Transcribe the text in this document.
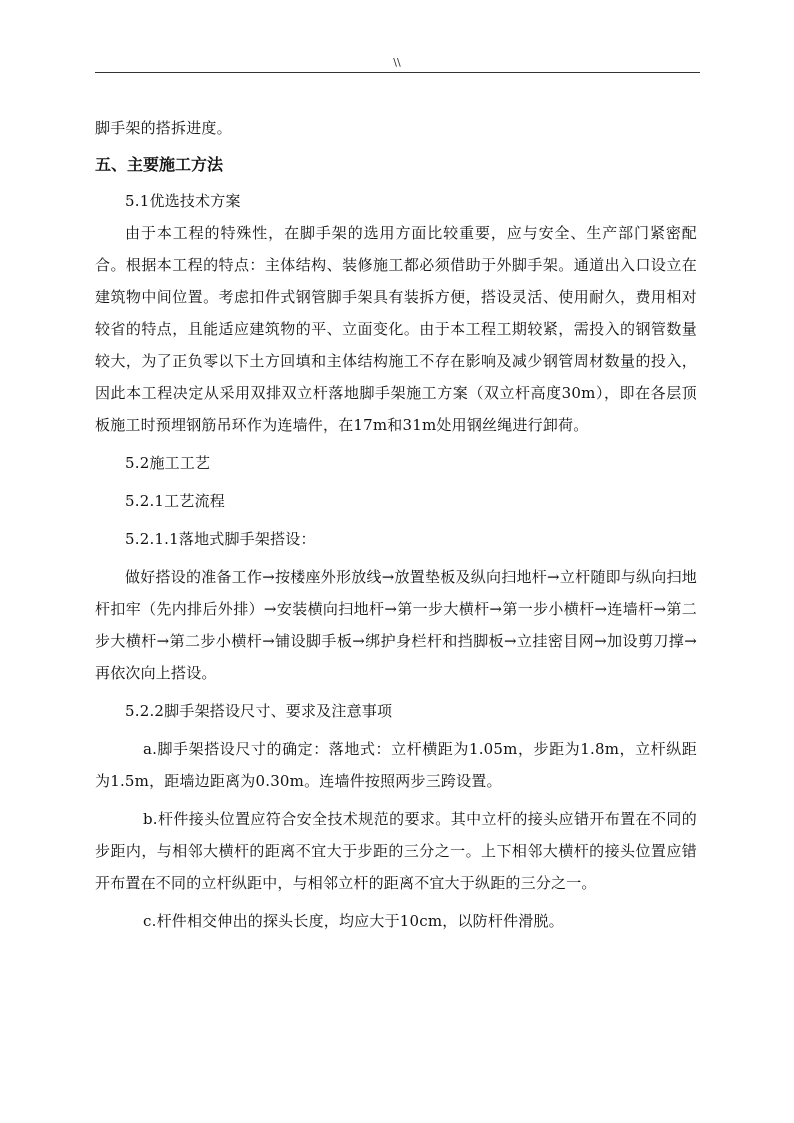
\\

脚手架的搭拆进度。

五、主要施工方法

5.1优选技术方案

由于本工程的特殊性，在脚手架的选用方面比较重要，应与安全、生产部门紧密配合。根据本工程的特点：主体结构、装修施工都必须借助于外脚手架。通道出入口设立在建筑物中间位置。考虑扣件式钢管脚手架具有装拆方便，搭设灵活、使用耐久，费用相对较省的特点，且能适应建筑物的平、立面变化。由于本工程工期较紧，需投入的钢管数量较大，为了正负零以下土方回填和主体结构施工不存在影响及减少钢管周材数量的投入，因此本工程决定从采用双排双立杆落地脚手架施工方案（双立杆高度30m），即在各层顶板施工时预埋钢筋吊环作为连墙件，在17m和31m处用钢丝绳进行卸荷。

5.2施工工艺

5.2.1工艺流程

5.2.1.1落地式脚手架搭设：

做好搭设的准备工作→按楼座外形放线→放置垫板及纵向扫地杆→立杆随即与纵向扫地杆扣牢（先内排后外排）→安装横向扫地杆→第一步大横杆→第一步小横杆→连墙杆→第二步大横杆→第二步小横杆→铺设脚手板→绑护身栏杆和挡脚板→立挂密目网→加设剪刀撑→再依次向上搭设。

5.2.2脚手架搭设尺寸、要求及注意事项

a.脚手架搭设尺寸的确定：落地式：立杆横距为1.05m，步距为1.8m，立杆纵距为1.5m，距墙边距离为0.30m。连墙件按照两步三跨设置。

b.杆件接头位置应符合安全技术规范的要求。其中立杆的接头应错开布置在不同的步距内，与相邻大横杆的距离不宜大于步距的三分之一。上下相邻大横杆的接头位置应错开布置在不同的立杆纵距中，与相邻立杆的距离不宜大于纵距的三分之一。

c.杆件相交伸出的探头长度，均应大于10cm，以防杆件滑脱。
